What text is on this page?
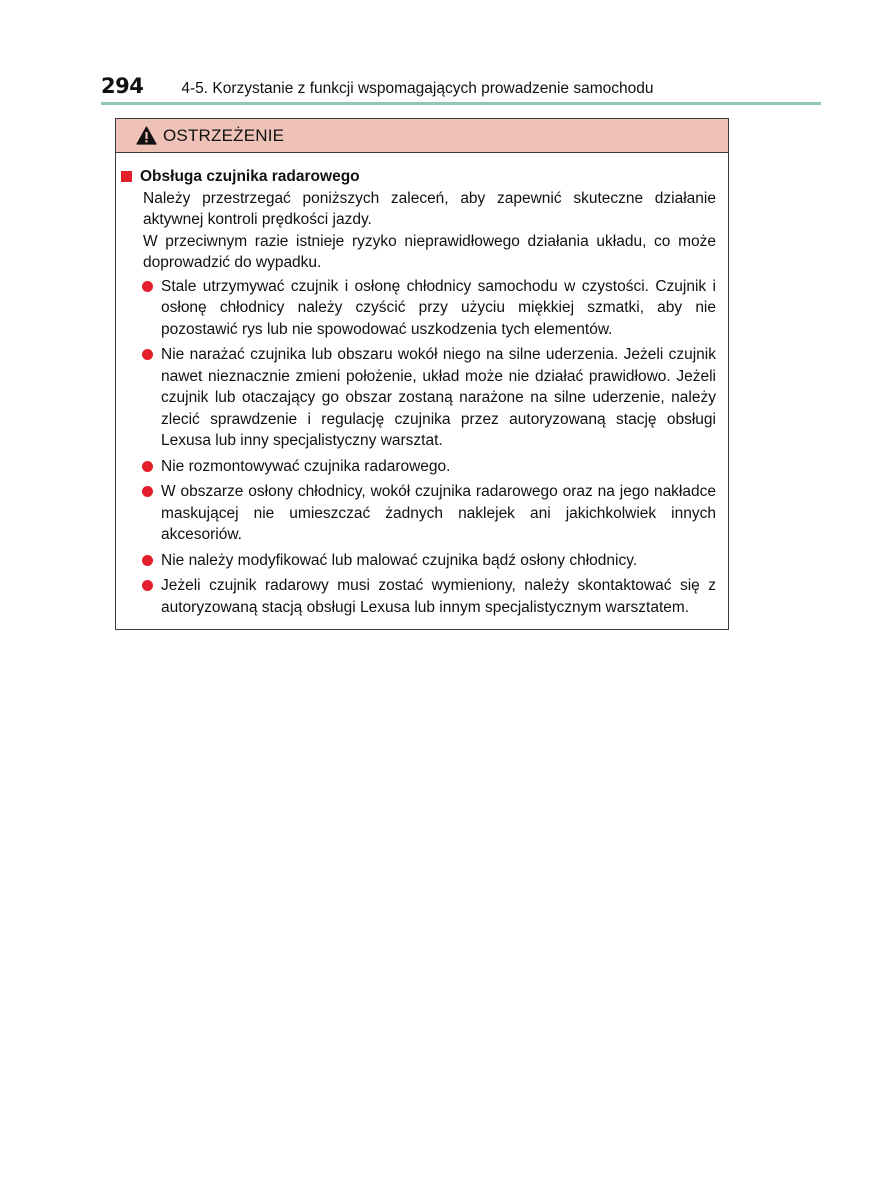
294 4-5. Korzystanie z funkcji wspomagających prowadzenie samochodu
OSTRZEŻENIE
Obsługa czujnika radarowego

Należy przestrzegać poniższych zaleceń, aby zapewnić skuteczne działanie aktywnej kontroli prędkości jazdy.

W przeciwnym razie istnieje ryzyko nieprawidłowego działania układu, co może doprowadzić do wypadku.

Stale utrzymywać czujnik i osłonę chłodnicy samochodu w czystości. Czujnik i osłonę chłodnicy należy czyścić przy użyciu miękkiej szmatki, aby nie pozostawić rys lub nie spowodować uszkodzenia tych elementów.
Nie narażać czujnika lub obszaru wokół niego na silne uderzenia. Jeżeli czujnik nawet nieznacznie zmieni położenie, układ może nie działać prawidłowo. Jeżeli czujnik lub otaczający go obszar zostaną narażone na silne uderzenie, należy zlecić sprawdzenie i regulację czujnika przez autoryzowaną stację obsługi Lexusa lub inny specjalistyczny warsztat.
Nie rozmontowywać czujnika radarowego.
W obszarze osłony chłodnicy, wokół czujnika radarowego oraz na jego nakładce maskującej nie umieszczać żadnych naklejek ani jakichkolwiek innych akcesoriów.
Nie należy modyfikować lub malować czujnika bądź osłony chłodnicy.
Jeżeli czujnik radarowy musi zostać wymieniony, należy skontaktować się z autoryzowaną stacją obsługi Lexusa lub innym specjalistycznym warsztatem.
